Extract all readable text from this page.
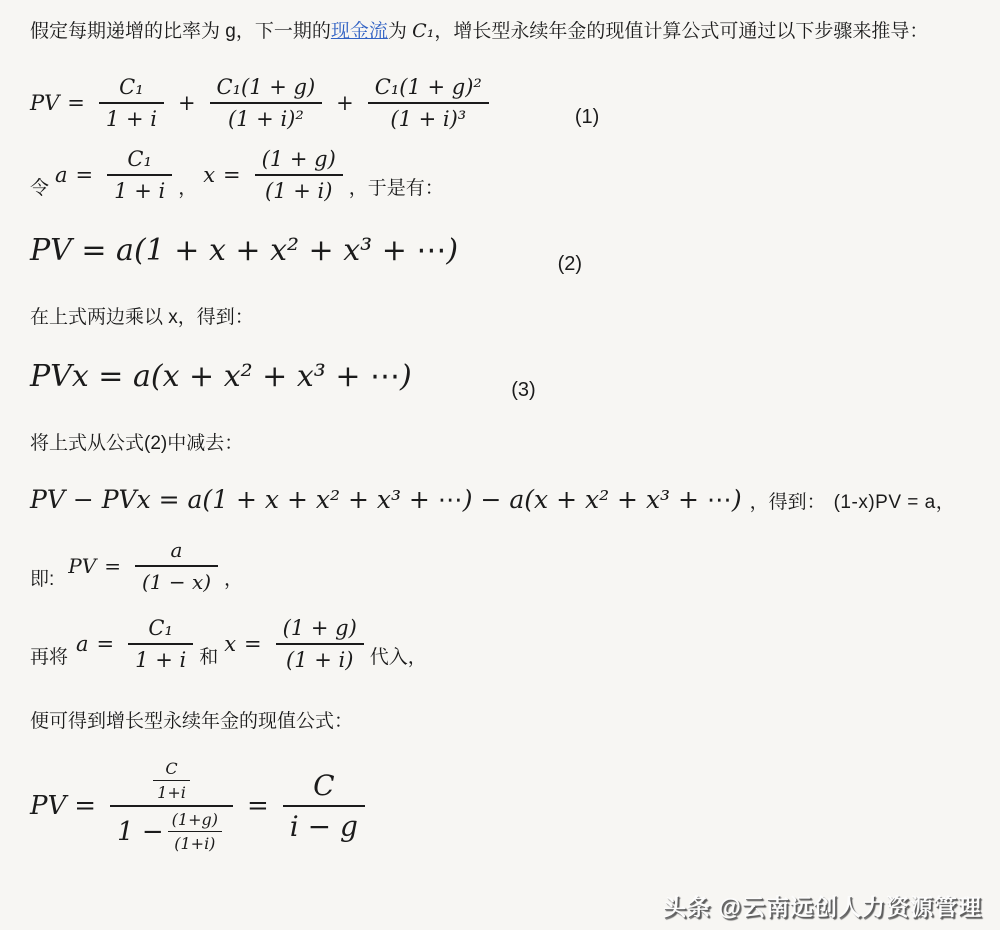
假定每期递增的比率为 g，下一期的现金流为 C₁，增长型永续年金的现值计算公式可通过以下步骤来推导：

PV = $\frac{\text{C₁}}{1 + i} + \frac{\text{C₁(1 + g)}}{\text{(1 + i)²}} + \frac{\text{C₁(1 + g)²}}{\text{(1 + i)³}}$	(1)
令
$a = \frac{\text{C₁}}{1 + i}$ ，
$x = \frac{(1 + g)}{(1 + i)}$ ，于是有：
PV = a(1 + x + x² + x³ + ⋯)	(2)
在上式两边乘以 x，得到：
PVx = a(x + x² + x³ + ⋯)	(3)
将上式从公式(2)中减去：
PV − PVx = a(1 + x + x² + x³ + ⋯) − a(x + x² + x³ + ⋯) ，得到： (1-x)PV = a，
即:
PV = $\frac{a}{(1 - x)}$ ，
再将
$a = \frac{\text{C₁}}{1 + i}$ 和
$x = \frac{(1 + g)}{(1 + i)}$ 代入，
便可得到增长型永续年金的现值公式：
PV = $\frac{\frac{C}{1+i}}{1 - \frac{(1+g)}{(1+i)}} = \frac{C}{i - g}$
头条 @云南远创人力资源管理
